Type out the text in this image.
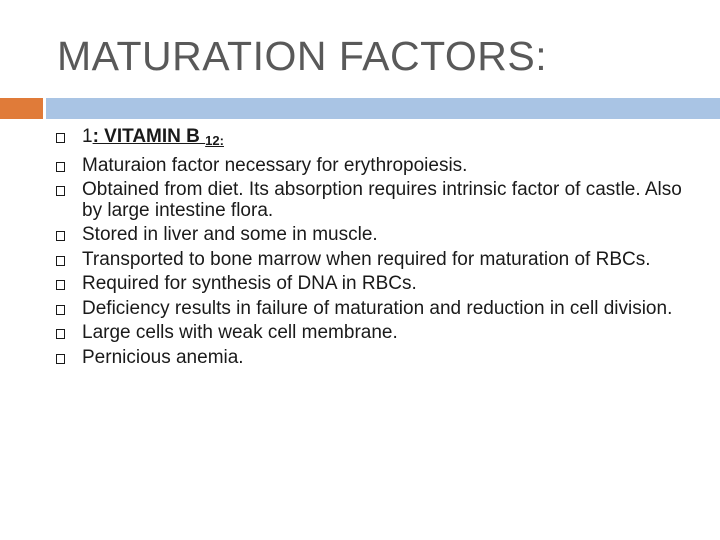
MATURATION FACTORS:
1: VITAMIN B 12:
Maturaion factor necessary for erythropoiesis.
Obtained from diet. Its absorption requires intrinsic factor of castle. Also by large intestine flora.
Stored in liver and some in muscle.
Transported to bone marrow when required for maturation of RBCs.
Required for synthesis of DNA in RBCs.
Deficiency results in failure of maturation and reduction in cell division.
Large cells with weak cell membrane.
Pernicious anemia.
